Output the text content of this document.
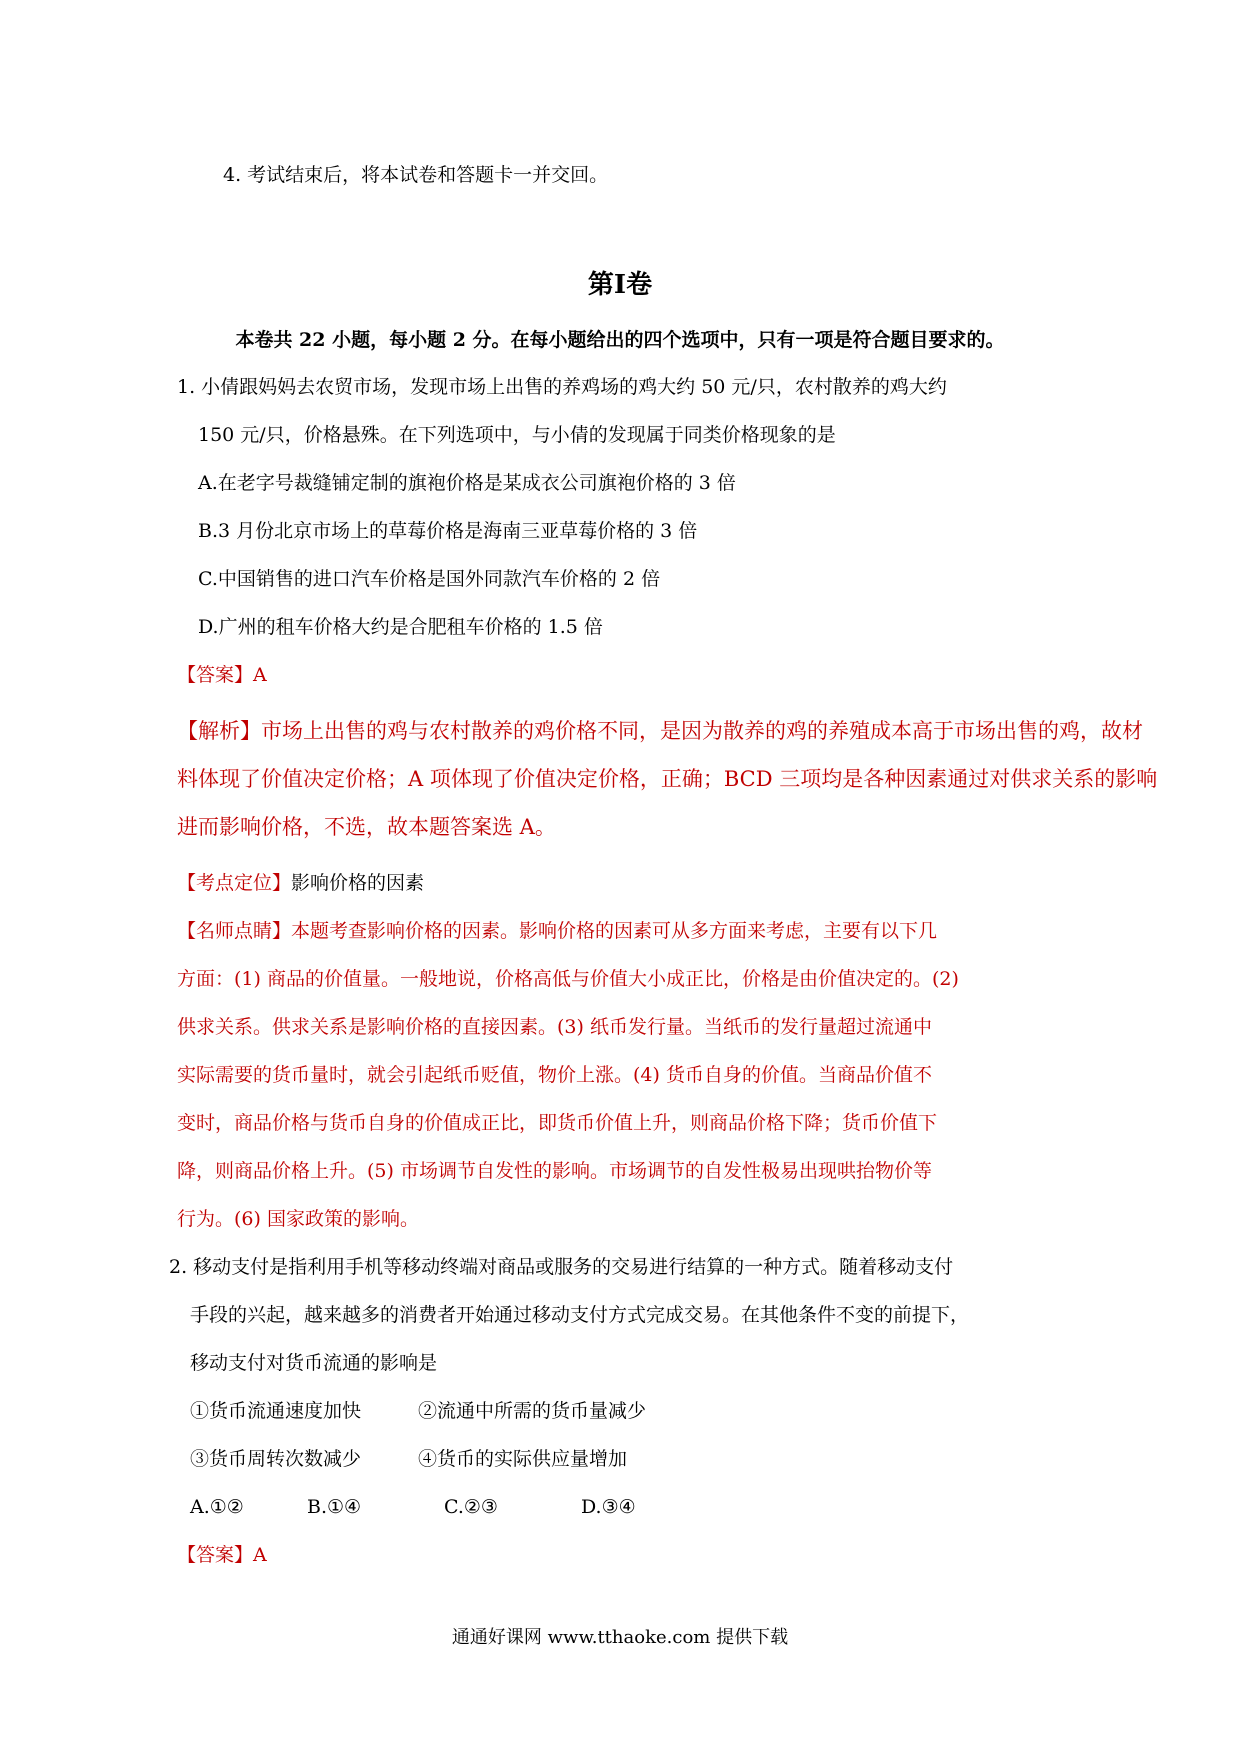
4. 考试结束后，将本试卷和答题卡一并交回。
第Ⅰ卷
本卷共 22 小题，每小题 2 分。在每小题给出的四个选项中，只有一项是符合题目要求的。
1. 小倩跟妈妈去农贸市场，发现市场上出售的养鸡场的鸡大约 50 元/只，农村散养的鸡大约
150 元/只，价格悬殊。在下列选项中，与小倩的发现属于同类价格现象的是
A.在老字号裁缝铺定制的旗袍价格是某成衣公司旗袍价格的 3 倍
B.3 月份北京市场上的草莓价格是海南三亚草莓价格的 3 倍
C.中国销售的进口汽车价格是国外同款汽车价格的 2 倍
D.广州的租车价格大约是合肥租车价格的 1.5 倍
【答案】A
【解析】市场上出售的鸡与农村散养的鸡价格不同，是因为散养的鸡的养殖成本高于市场出售的鸡，故材
料体现了价值决定价格；A 项体现了价值决定价格，正确；BCD 三项均是各种因素通过对供求关系的影响
进而影响价格，不选，故本题答案选 A。
【考点定位】影响价格的因素
【名师点睛】本题考查影响价格的因素。影响价格的因素可从多方面来考虑，主要有以下几
方面：(1) 商品的价值量。一般地说，价格高低与价值大小成正比，价格是由价值决定的。(2)
供求关系。供求关系是影响价格的直接因素。(3) 纸币发行量。当纸币的发行量超过流通中
实际需要的货币量时，就会引起纸币贬值，物价上涨。(4) 货币自身的价值。当商品价值不
变时，商品价格与货币自身的价值成正比，即货币价值上升，则商品价格下降；货币价值下
降，则商品价格上升。(5) 市场调节自发性的影响。市场调节的自发性极易出现哄抬物价等
行为。(6) 国家政策的影响。
2. 移动支付是指利用手机等移动终端对商品或服务的交易进行结算的一种方式。随着移动支付
手段的兴起，越来越多的消费者开始通过移动支付方式完成交易。在其他条件不变的前提下，
移动支付对货币流通的影响是
①货币流通速度加快	②流通中所需的货币量减少
③货币周转次数减少	④货币的实际供应量增加
A.①②	B.①④	C.②③	D.③④
【答案】A
通通好课网 www.tthaoke.com 提供下载
